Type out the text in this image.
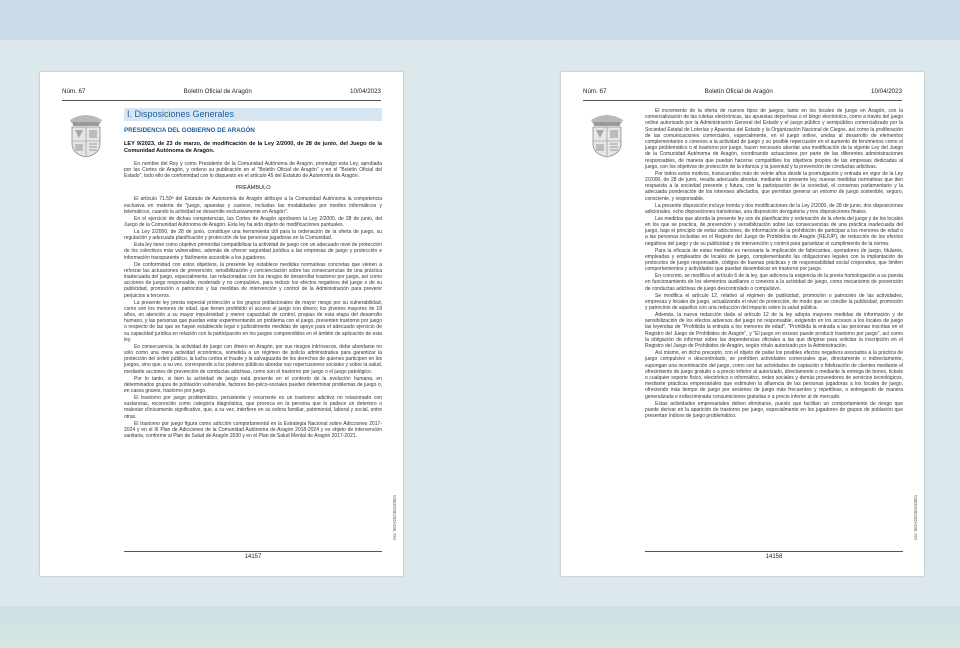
Núm. 67	Boletín Oficial de Aragón	10/04/2023
I. Disposiciones Generales
PRESIDENCIA DEL GOBIERNO DE ARAGÓN
LEY 9/2023, de 23 de marzo, de modificación de la Ley 2/2000, de 28 de junio, del Juego de la Comunidad Autónoma de Aragón.
En nombre del Rey y como Presidente de la Comunidad Autónoma de Aragón, promulgo esta Ley, aprobada por las Cortes de Aragón, y ordeno su publicación en el "Boletín Oficial de Aragón" y en el "Boletín Oficial del Estado", todo ello de conformidad con lo dispuesto en el artículo 45 del Estatuto de Autonomía de Aragón.
PREÁMBULO
El artículo 71.50ª del Estatuto de Autonomía de Aragón atribuye a la Comunidad Autónoma la competencia exclusiva en materia de "juego, apuestas y casinos, incluidas las modalidades por medios informáticos y telemáticos, cuando la actividad se desarrolle exclusivamente en Aragón".
En el ejercicio de dichas competencias, las Cortes de Aragón aprobaron la Ley 2/2000, de 28 de junio, del Juego de la Comunidad Autónoma de Aragón. Esta ley ha sido objeto de modificaciones puntuales.
La Ley 2/2000, de 28 de junio, constituye una herramienta útil para la ordenación de la oferta de juego, su regulación y adecuada planificación y protección de las personas jugadoras en la Comunidad.
Esta ley tiene como objetivo primordial compatibilizar la actividad de juego con un adecuado nivel de protección de los colectivos más vulnerables, además de ofrecer seguridad jurídica a las empresas de juego y protección e información transparente y fácilmente accesible a los jugadores.
De conformidad con estos objetivos, la presente ley establece medidas normativas concretas que vienen a reforzar las actuaciones de prevención, sensibilización y concienciación sobre las consecuencias de una práctica inadecuada del juego, especialmente, las relacionadas con los riesgos de desarrollar trastorno por juego, así como acciones de juego responsable, moderado y no compulsivo, para reducir los efectos negativos del juego o de su publicidad, promoción o patrocinio y las medidas de intervención y control de la Administración para prevenir perjuicios a terceros.
La presente ley presta especial protección a los grupos poblacionales de mayor riesgo por su vulnerabilidad, como son los menores de edad, que tienen prohibido el acceso al juego con dinero; los jóvenes mayores de 18 años, en atención a su mayor impulsividad y menor capacidad de control, propias de esta etapa del desarrollo humano, y las personas que puedan estar experimentando un problema con el juego, presenten trastorno por juego o respecto de las que se hayan establecido legal o judicialmente medidas de apoyo para el adecuado ejercicio de su capacidad jurídica en relación con la participación en los juegos comprendidos en el ámbito de aplicación de esta ley.
En consecuencia, la actividad de juego con dinero en Aragón, por sus riesgos intrínsecos, debe abordarse no sólo como una mera actividad económica, sometida a un régimen de policía administrativa para garantizar la protección del orden público, la lucha contra el fraude y la salvaguarda de los derechos de quienes participen en los juegos, sino que, a su vez, corresponde a los poderes públicos abordar sus repercusiones sociales y sobre la salud, mediante acciones de prevención de conductas adictivas, como son el trastorno por juego o el juego patológico.
Por lo tanto, si bien la actividad de juego está presente en el contexto de la evolución humana, en determinados grupos de población vulnerable, factores bio-psico-sociales pueden determinar problemas de juego o, en casos graves, trastorno por juego.
El trastorno por juego problemático, persistente y recurrente es un trastorno adictivo no relacionado con sustancias, reconocido como categoría diagnóstica, que provoca en la persona que lo padece un deterioro o malestar clínicamente significativo, que, a su vez, interfiere en su esfera familiar, patrimonial, laboral y social, entre otras.
El trastorno por juego figura como adicción comportamental en la Estrategia Nacional sobre Adicciones 2017-2024 y en el III Plan de Adicciones de la Comunidad Autónoma de Aragón 2018-2024 y es objeto de intervención sanitaria, conforme al Plan de Salud de Aragón 2030 y en el Plan de Salud Mental de Aragón 2017-2021.
csv: BOA20230410001
14157
Núm. 67	Boletín Oficial de Aragón	10/04/2023
El incremento de la oferta de nuevos tipos de juegos, tanto en los locales de juego en Aragón, con la comercialización de las ruletas electrónicas, las apuestas deportivas o el bingo electrónico, como a través del juego online autorizado por la Administración General del Estado y el juego público y semipúblico comercializado por la Sociedad Estatal de Loterías y Apuestas del Estado y la Organización Nacional de Ciegos, así como la proliferación de las comunicaciones comerciales, especialmente, en el juego online, unidas al desarrollo de elementos complementarios o conexos a la actividad de juego y su posible repercusión en el aumento de fenómenos como el juego problemático o el trastorno por juego, hacen necesario abordar una modificación de la vigente Ley del Juego de la Comunidad Autónoma de Aragón, coordinando actuaciones por parte de las diferentes administraciones responsables, de manera que puedan hacerse compatibles los objetivos propios de las empresas dedicadas al juego, con los objetivos de protección de la infancia y la juventud y la prevención de conductas adictivas.
Por todos estos motivos, transcurridos más de veinte años desde la promulgación y entrada en vigor de la Ley 2/2000, de 28 de junio, resulta adecuado abordar, mediante la presente ley, nuevas medidas normativas que den respuesta a la sociedad presente y futura, con la participación de la sociedad, el consenso parlamentario y la adecuada ponderación de los intereses afectados, que permitan generar un entorno de juego sostenible, seguro, consciente, y responsable.
La presente disposición incluye treinta y dos modificaciones de la Ley 2/2000, de 28 de junio, dos disposiciones adicionales, ocho disposiciones transitorias, una disposición derogatoria y tres disposiciones finales.
Las medidas que aborda la presente ley son de planificación y ordenación de la oferta del juego y de los locales en los que se practica, de prevención y sensibilización sobre las consecuencias de una práctica inadecuada del juego, bajo el principio de evitar adicciones, de información de la prohibición de participar a los menores de edad o a las personas incluidas en el Registro del Juego de Prohibidos de Aragón (REJUP), de reducción de los efectos negativos del juego y de su publicidad y de intervención y control para garantizar el cumplimiento de la norma.
Para la eficacia de estas medidas es necesaria la implicación de fabricantes, operadores de juego, titulares, empleadas y empleados de locales de juego, complementando las obligaciones legales con la implantación de protocolos de juego responsable, códigos de buenas prácticas y de responsabilidad social corporativa, que limiten comportamientos y actividades que puedan desembocar en trastorno por juego.
En concreto, se modifica el artículo 6 de la ley, que adiciona la exigencia de la previa homologación a su puesta en funcionamiento de los elementos auxiliares o conexos a la actividad de juego, como mecanismo de prevención de conductas adictivas de juego descontrolado o compulsivo.
Se modifica el artículo 12, relativo al régimen de publicidad, promoción o patrocinio de las actividades, empresas y locales de juego, actualizando el nivel de protección, de modo que se concilie la publicidad, promoción y patrocinio de aquellos con una reducción del impacto sobre la salud pública.
Además, la nueva redacción dada al artículo 12 de la ley adopta mayores medidas de información y de sensibilización de los efectos adversos del juego no responsable, exigiendo en los accesos a los locales de juego las leyendas de "Prohibida la entrada a los menores de edad", "Prohibida la entrada a las personas inscritas en el Registro del Juego de Prohibidos de Aragón", y "El juego en exceso puede producir trastorno por juego", así como la obligación de informar sobre las dependencias oficiales a las que dirigirse para solicitar la inscripción en el Registro del Juego de Prohibidos de Aragón, según rótulo autorizado por la Administración.
Así mismo, en dicho precepto, con el objeto de paliar los posibles efectos negativos asociados a la práctica de juego compulsivo o descontrolado, se prohíben actividades comerciales que, directamente o indirectamente, supongan una incentivación del juego, como son las actividades de captación o fidelización de clientes mediante el ofrecimiento de juego gratuito o a precio inferior al autorizado, directamente o mediante la entrega de bonos, tickets o cualquier soporte físico, electrónico o informático, redes sociales y demás proveedores de servicios tecnológicos, mediante prácticas empresariales que estimulen la afluencia de las personas jugadoras a los locales de juego, ofreciendo más tiempo de juego por sesiones de juego más frecuentes y repetitivas, o entregando de manera generalizada e indiscriminada consumiciones gratuitas o a precio inferior al de mercado.
Estas actividades empresariales deben eliminarse, puesto que facilitan un comportamiento de riesgo que puede derivar en la aparición de trastorno por juego, especialmente en los jugadores de grupos de población que presentan índices de juego problemático.
csv: BOA20230410001
14158
